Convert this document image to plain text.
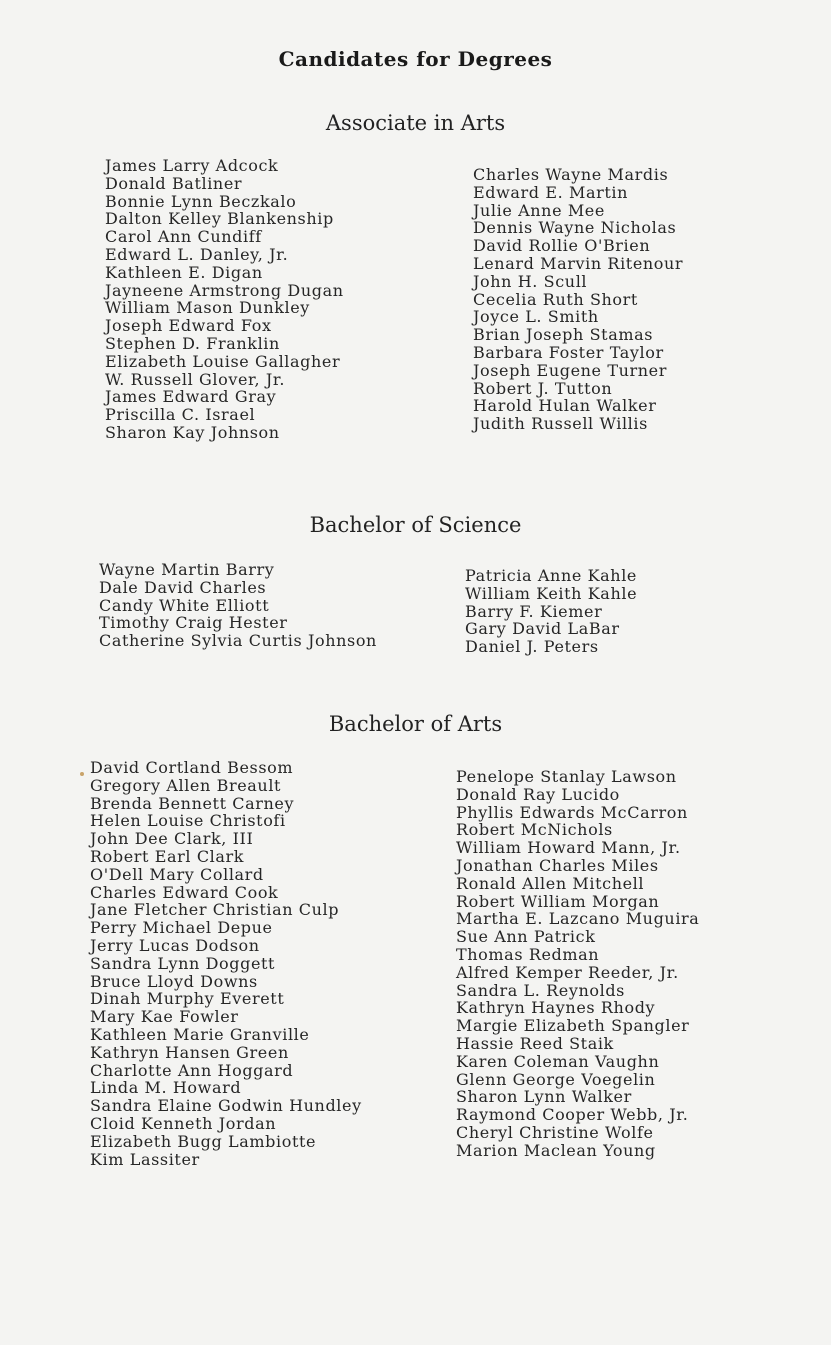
Candidates for Degrees
Associate in Arts
James Larry Adcock
Donald Batliner
Bonnie Lynn Beczkalo
Dalton Kelley Blankenship
Carol Ann Cundiff
Edward L. Danley, Jr.
Kathleen E. Digan
Jayneene Armstrong Dugan
William Mason Dunkley
Joseph Edward Fox
Stephen D. Franklin
Elizabeth Louise Gallagher
W. Russell Glover, Jr.
James Edward Gray
Priscilla C. Israel
Sharon Kay Johnson
Charles Wayne Mardis
Edward E. Martin
Julie Anne Mee
Dennis Wayne Nicholas
David Rollie O'Brien
Lenard Marvin Ritenour
John H. Scull
Cecelia Ruth Short
Joyce L. Smith
Brian Joseph Stamas
Barbara Foster Taylor
Joseph Eugene Turner
Robert J. Tutton
Harold Hulan Walker
Judith Russell Willis
Bachelor of Science
Wayne Martin Barry
Dale David Charles
Candy White Elliott
Timothy Craig Hester
Catherine Sylvia Curtis Johnson
Patricia Anne Kahle
William Keith Kahle
Barry F. Kiemer
Gary David LaBar
Daniel J. Peters
Bachelor of Arts
David Cortland Bessom
Gregory Allen Breault
Brenda Bennett Carney
Helen Louise Christofi
John Dee Clark, III
Robert Earl Clark
O'Dell Mary Collard
Charles Edward Cook
Jane Fletcher Christian Culp
Perry Michael Depue
Jerry Lucas Dodson
Sandra Lynn Doggett
Bruce Lloyd Downs
Dinah Murphy Everett
Mary Kae Fowler
Kathleen Marie Granville
Kathryn Hansen Green
Charlotte Ann Hoggard
Linda M. Howard
Sandra Elaine Godwin Hundley
Cloid Kenneth Jordan
Elizabeth Bugg Lambiotte
Kim Lassiter
Penelope Stanlay Lawson
Donald Ray Lucido
Phyllis Edwards McCarron
Robert McNichols
William Howard Mann, Jr.
Jonathan Charles Miles
Ronald Allen Mitchell
Robert William Morgan
Martha E. Lazcano Muguira
Sue Ann Patrick
Thomas Redman
Alfred Kemper Reeder, Jr.
Sandra L. Reynolds
Kathryn Haynes Rhody
Margie Elizabeth Spangler
Hassie Reed Staik
Karen Coleman Vaughn
Glenn George Voegelin
Sharon Lynn Walker
Raymond Cooper Webb, Jr.
Cheryl Christine Wolfe
Marion Maclean Young
